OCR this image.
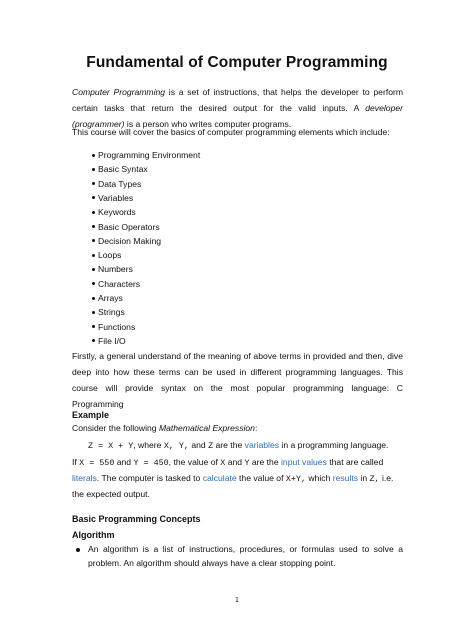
Fundamental of Computer Programming
Computer Programming is a set of instructions, that helps the developer to perform certain tasks that return the desired output for the valid inputs. A developer (programmer) is a person who writes computer programs.
This course will cover the basics of computer programming elements which include:
Programming Environment
Basic Syntax
Data Types
Variables
Keywords
Basic Operators
Decision Making
Loops
Numbers
Characters
Arrays
Strings
Functions
File I/O
Firstly, a general understand of the meaning of above terms in provided and then, dive deep into how these terms can be used in different programming languages. This course will provide syntax on the most popular programming language: C Programming
Example
Consider the following Mathematical Expression:
Z = X + Y, where X, Y, and Z are the variables in a programming language.
If X = 550 and Y = 450, the value of X and Y are the input values that are called
literals. The computer is tasked to calculate the value of X+Y, which results in Z, i.e.
the expected output.
Basic Programming Concepts
Algorithm
An algorithm is a list of instructions, procedures, or formulas used to solve a problem. An algorithm should always have a clear stopping point.
1
